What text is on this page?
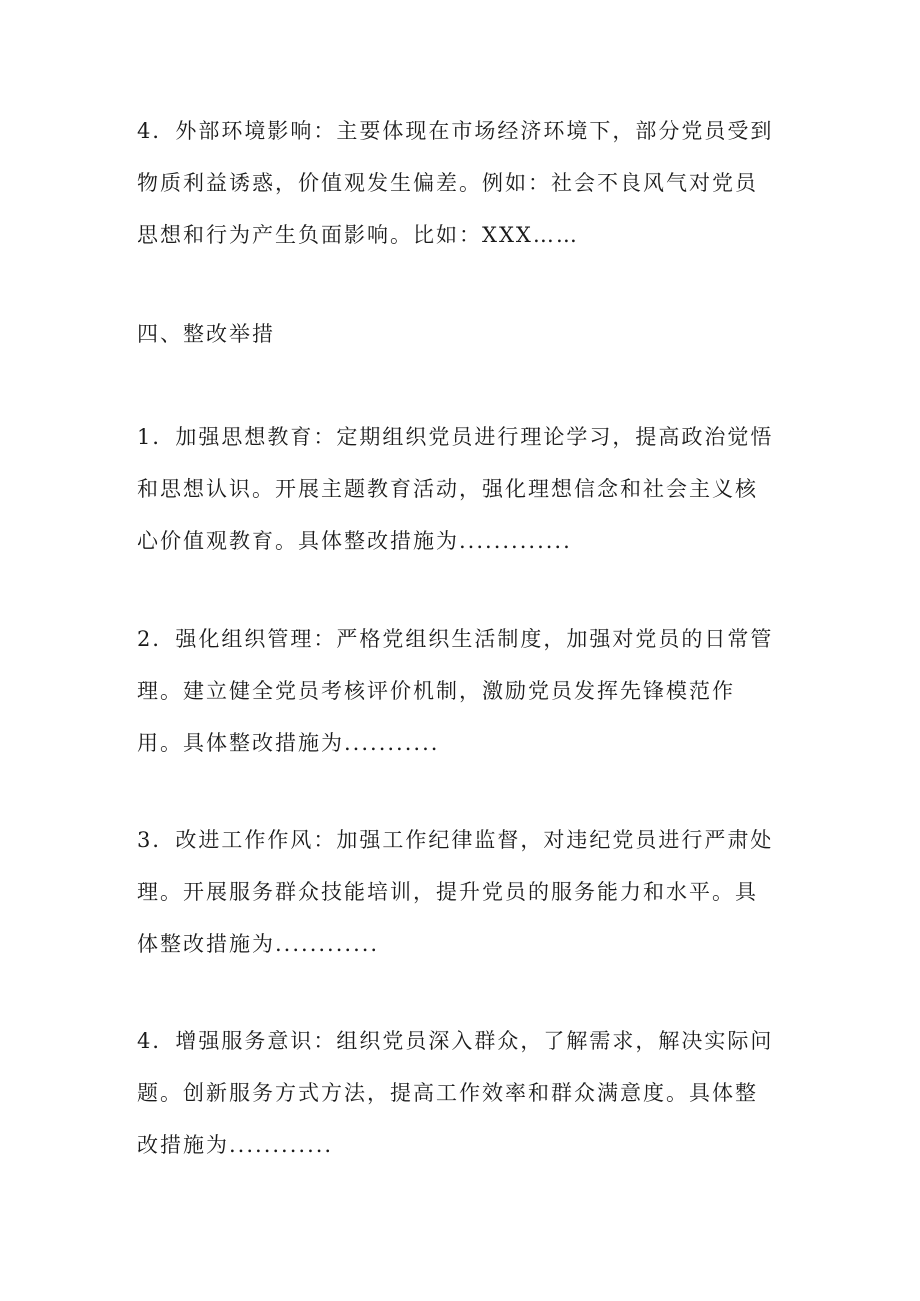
4．外部环境影响：主要体现在市场经济环境下，部分党员受到
物质利益诱惑，价值观发生偏差。例如：社会不良风气对党员
思想和行为产生负面影响。比如：XXX……
四、整改举措
1．加强思想教育：定期组织党员进行理论学习，提高政治觉悟
和思想认识。开展主题教育活动，强化理想信念和社会主义核
心价值观教育。具体整改措施为.............
2．强化组织管理：严格党组织生活制度，加强对党员的日常管
理。建立健全党员考核评价机制，激励党员发挥先锋模范作
用。具体整改措施为...........
3．改进工作作风：加强工作纪律监督，对违纪党员进行严肃处
理。开展服务群众技能培训，提升党员的服务能力和水平。具
体整改措施为............
4．增强服务意识：组织党员深入群众，了解需求，解决实际问
题。创新服务方式方法，提高工作效率和群众满意度。具体整
改措施为............
